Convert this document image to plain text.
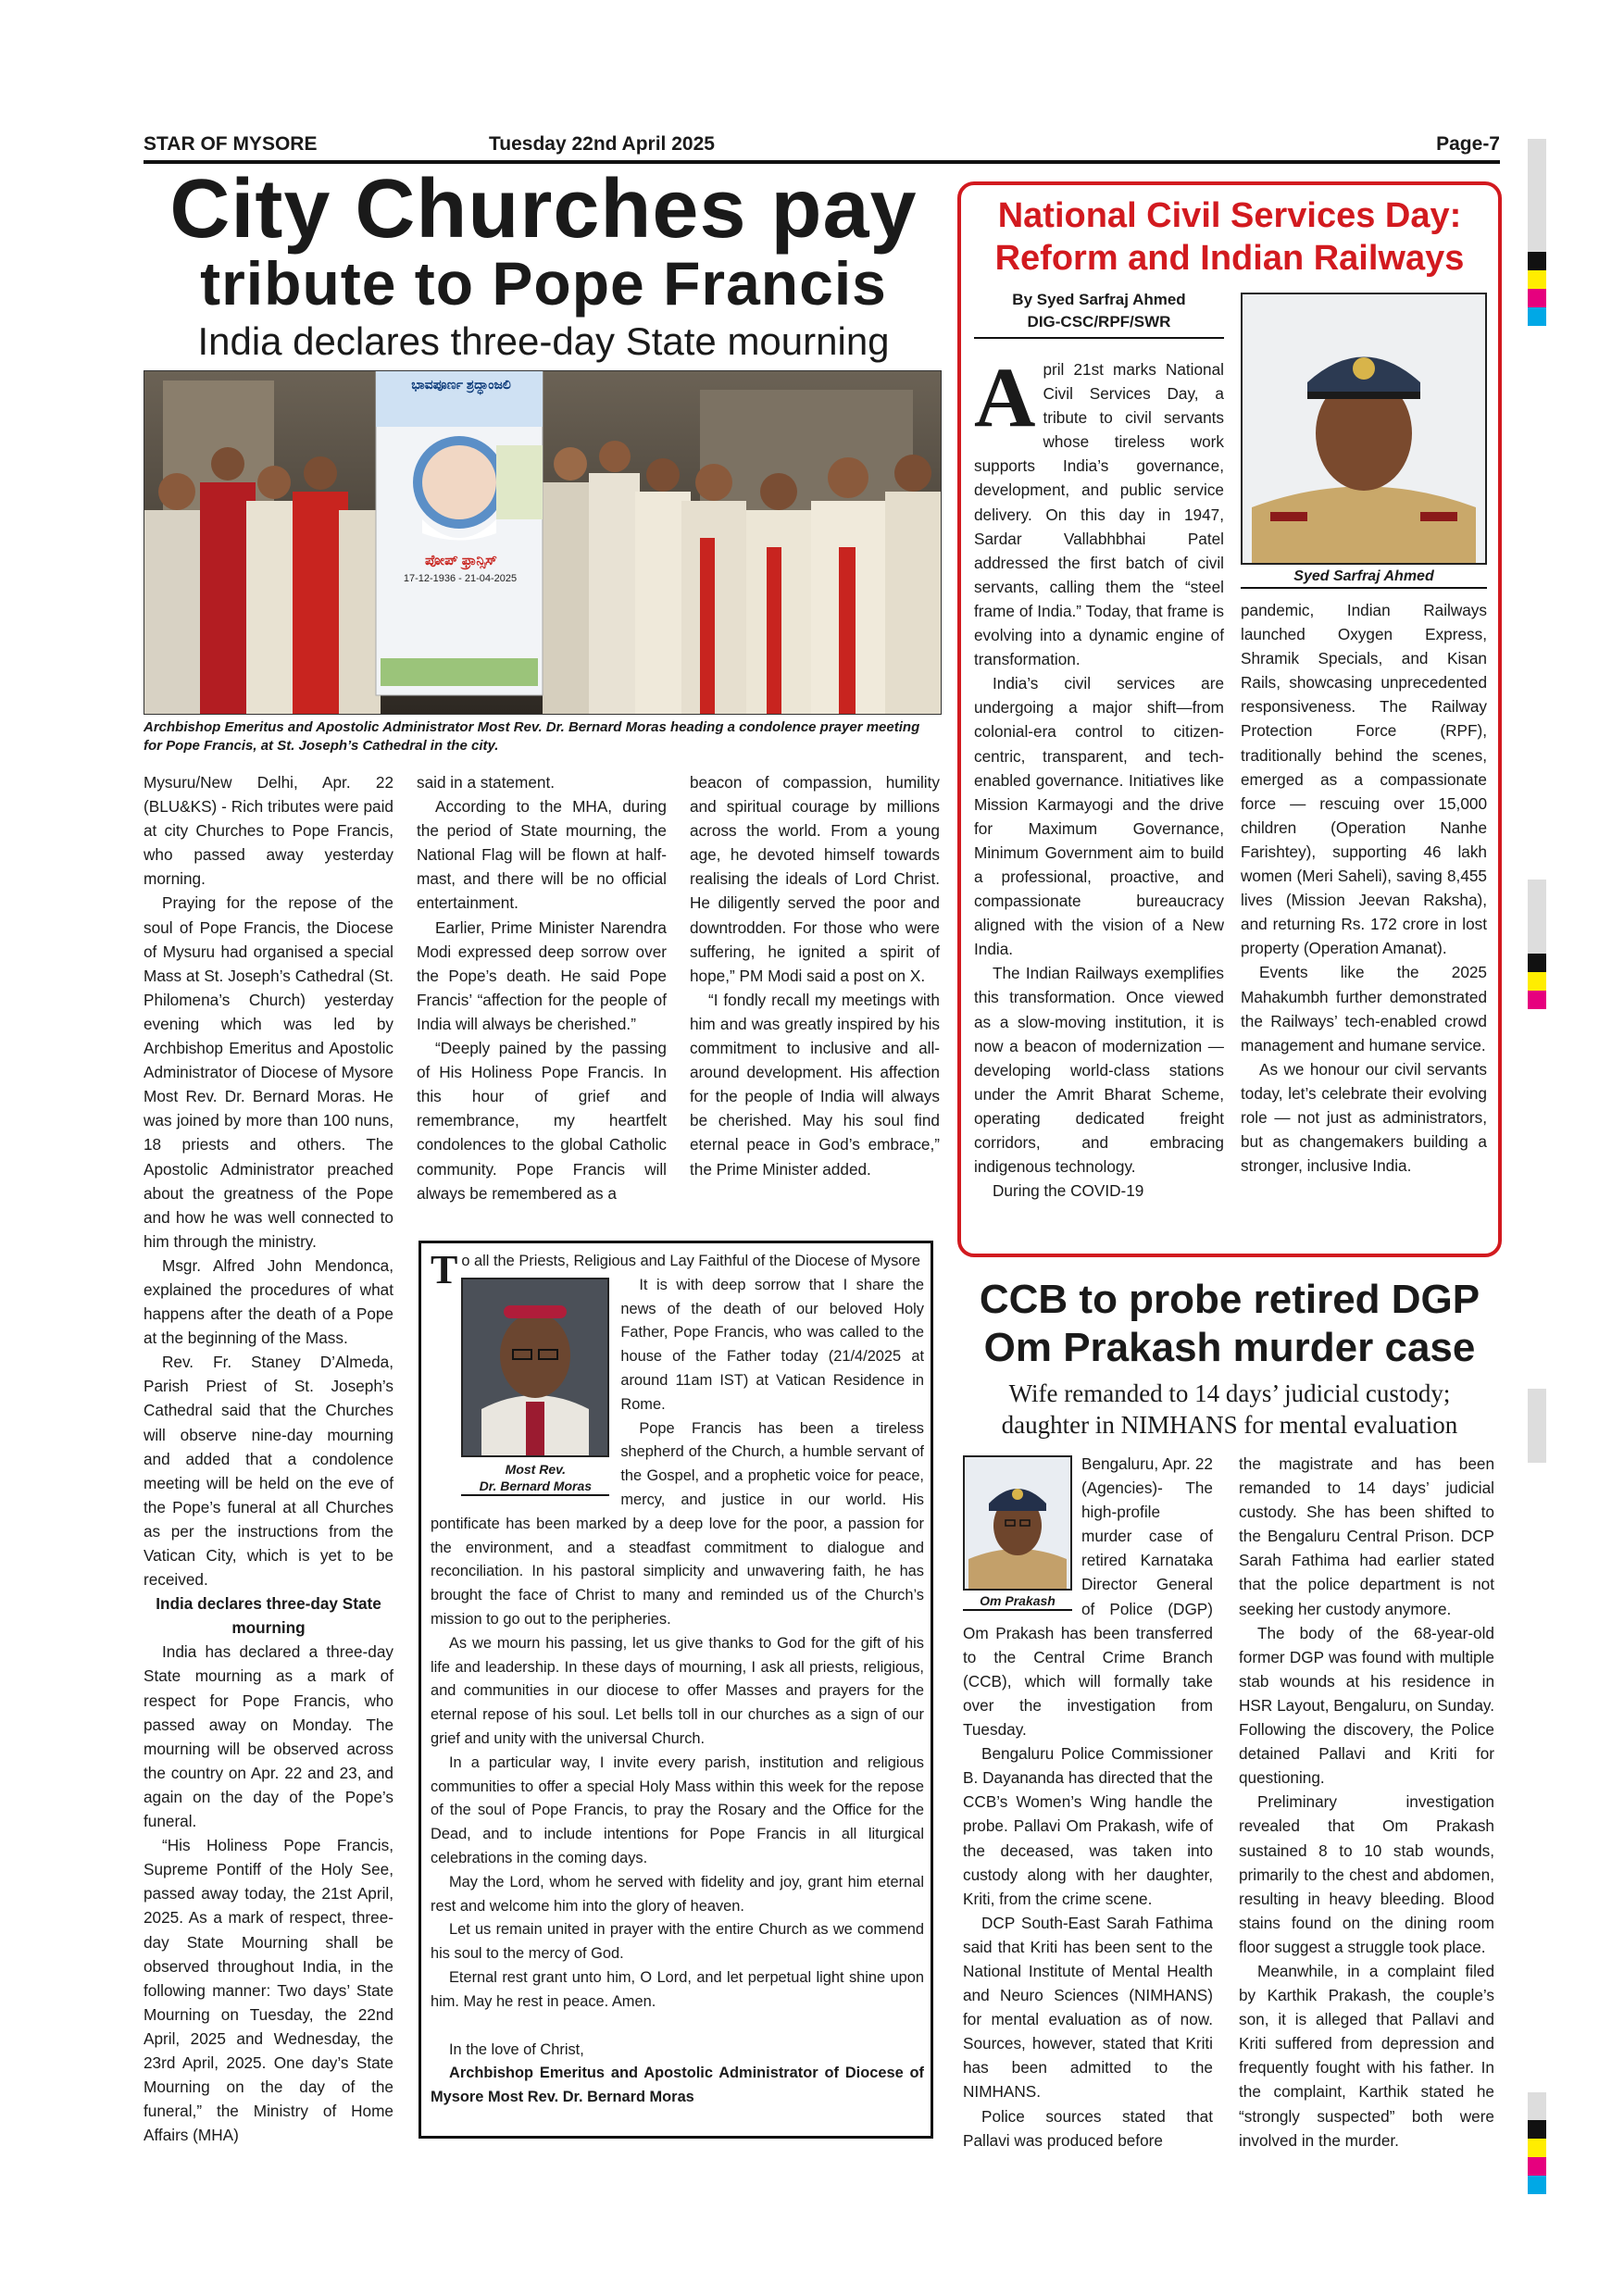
STAR OF MYSORE	Tuesday 22nd April 2025	Page-7
City Churches pay
tribute to Pope Francis
India declares three-day State mourning
ಭಾವಪೂರ್ಣ ಶ್ರದ್ಧಾಂಜಲಿ
ಪೋಪ್ ಫ್ರಾನ್ಸಿಸ್
17-12-1936 - 21-04-2025
Archbishop Emeritus and Apostolic Administrator Most Rev. Dr. Bernard Moras heading a condolence prayer meeting for Pope Francis, at St. Joseph’s Cathedral in the city.

Mysuru/New Delhi, Apr. 22 (BLU&KS) - Rich tributes were paid at city Churches to Pope Francis, who passed away yesterday morning.

Praying for the repose of the soul of Pope Francis, the Diocese of Mysuru had organised a special Mass at St. Joseph’s Cathedral (St. Philomena’s Church) yesterday evening which was led by Archbishop Emeritus and Apostolic Administrator of Diocese of Mysore Most Rev. Dr. Bernard Moras. He was joined by more than 100 nuns, 18 priests and others. The Apostolic Administrator preached about the greatness of the Pope and how he was well connected to him through the ministry.

Msgr. Alfred John Mendonca, explained the procedures of what happens after the death of a Pope at the beginning of the Mass.

Rev. Fr. Staney D’Almeda, Parish Priest of St. Joseph’s Cathedral said that the Churches will observe nine-day mourning and added that a condolence meeting will be held on the eve of the Pope’s funeral at all Churches as per the instructions from the Vatican City, which is yet to be received.

India declares three-day State mourning

India has declared a three-day State mourning as a mark of respect for Pope Francis, who passed away on Monday. The mourning will be observed across the country on Apr. 22 and 23, and again on the day of the Pope’s funeral.

“His Holiness Pope Francis, Supreme Pontiff of the Holy See, passed away today, the 21st April, 2025. As a mark of respect, three-day State Mourning shall be observed throughout India, in the following manner: Two days’ State Mourning on Tuesday, the 22nd April, 2025 and Wednesday, the 23rd April, 2025. One day’s State Mourning on the day of the funeral,” the Ministry of Home Affairs (MHA)

said in a statement.

According to the MHA, during the period of State mourning, the National Flag will be flown at half-mast, and there will be no official entertainment.

Earlier, Prime Minister Narendra Modi expressed deep sorrow over the Pope’s death. He said Pope Francis’ “affection for the people of India will always be cherished.”

“Deeply pained by the passing of His Holiness Pope Francis. In this hour of grief and remembrance, my heartfelt condolences to the global Catholic community. Pope Francis will always be remembered as a

beacon of compassion, humility and spiritual courage by millions across the world. From a young age, he devoted himself towards realising the ideals of Lord Christ. He diligently served the poor and downtrodden. For those who were suffering, he ignited a spirit of hope,” PM Modi said a post on X.

“I fondly recall my meetings with him and was greatly inspired by his commitment to inclusive and all-around development. His affection for the people of India will always be cherished. May his soul find eternal peace in God’s embrace,” the Prime Minister added.

To all the Priests, Religious and Lay Faithful of the Diocese of Mysore

Most Rev.
Dr. Bernard Moras

It is with deep sorrow that I share the news of the death of our beloved Holy Father, Pope Francis, who was called to the house of the Father today (21/4/2025 at around 11am IST) at Vatican Residence in Rome.

Pope Francis has been a tireless shepherd of the Church, a humble servant of the Gospel, and a prophetic voice for peace, mercy, and justice in our world. His pontificate has been marked by a deep love for the poor, a passion for the environment, and a steadfast commitment to dialogue and reconciliation. In his pastoral simplicity and unwavering faith, he has brought the face of Christ to many and reminded us of the Church’s mission to go out to the peripheries.

As we mourn his passing, let us give thanks to God for the gift of his life and leadership. In these days of mourning, I ask all priests, religious, and communities in our diocese to offer Masses and prayers for the eternal repose of his soul. Let bells toll in our churches as a sign of our grief and unity with the universal Church.

In a particular way, I invite every parish, institution and religious communities to offer a special Holy Mass within this week for the repose of the soul of Pope Francis, to pray the Rosary and the Office for the Dead, and to include intentions for Pope Francis in all liturgical celebrations in the coming days.

May the Lord, whom he served with fidelity and joy, grant him eternal rest and welcome him into the glory of heaven.

Let us remain united in prayer with the entire Church as we commend his soul to the mercy of God.

Eternal rest grant unto him, O Lord, and let perpetual light shine upon him. May he rest in peace. Amen.

In the love of Christ,

Archbishop Emeritus and Apostolic Administrator of Diocese of Mysore Most Rev. Dr. Bernard Moras

National Civil Services Day:
Reform and Indian Railways
By Syed Sarfraj Ahmed
DIG-CSC/RPF/SWR
Syed Sarfraj Ahmed

April 21st marks National Civil Services Day, a tribute to civil servants whose tireless work supports India’s governance, development, and public service delivery. On this day in 1947, Sardar Vallabhbhai Patel addressed the first batch of civil servants, calling them the “steel frame of India.” Today, that frame is evolving into a dynamic engine of transformation.

India’s civil services are undergoing a major shift—from colonial-era control to citizen-centric, transparent, and tech-enabled governance. Initiatives like Mission Karmayogi and the drive for Maximum Governance, Minimum Government aim to build a professional, proactive, and compassionate bureaucracy aligned with the vision of a New India.

The Indian Railways exemplifies this transformation. Once viewed as a slow-moving institution, it is now a beacon of modernization — developing world-class stations under the Amrit Bharat Scheme, operating dedicated freight corridors, and embracing indigenous technology.

During the COVID-19

pandemic, Indian Railways launched Oxygen Express, Shramik Specials, and Kisan Rails, showcasing unprecedented responsiveness. The Railway Protection Force (RPF), traditionally behind the scenes, emerged as a compassionate force — rescuing over 15,000 children (Operation Nanhe Farishtey), supporting 46 lakh women (Meri Saheli), saving 8,455 lives (Mission Jeevan Raksha), and returning Rs. 172 crore in lost property (Operation Amanat).

Events like the 2025 Mahakumbh further demonstrated the Railways’ tech-enabled crowd management and humane service.

As we honour our civil servants today, let’s celebrate their evolving role — not just as administrators, but as changemakers building a stronger, inclusive India.

CCB to probe retired DGP
Om Prakash murder case
Wife remanded to 14 days’ judicial custody;
daughter in NIMHANS for mental evaluation
Om Prakash

Bengaluru, Apr. 22 (Agencies)- The high-profile murder case of retired Karnataka Director General of Police (DGP) Om Prakash has been transferred to the Central Crime Branch (CCB), which will formally take over the investigation from Tuesday.

Bengaluru Police Commissioner B. Dayananda has directed that the CCB’s Women’s Wing handle the probe. Pallavi Om Prakash, wife of the deceased, was taken into custody along with her daughter, Kriti, from the crime scene.

DCP South-East Sarah Fathima said that Kriti has been sent to the National Institute of Mental Health and Neuro Sciences (NIMHANS) for mental evaluation as of now. Sources, however, stated that Kriti has been admitted to the NIMHANS.

Police sources stated that Pallavi was produced before

the magistrate and has been remanded to 14 days’ judicial custody. She has been shifted to the Bengaluru Central Prison. DCP Sarah Fathima had earlier stated that the police department is not seeking her custody anymore.

The body of the 68-year-old former DGP was found with multiple stab wounds at his residence in HSR Layout, Bengaluru, on Sunday. Following the discovery, the Police detained Pallavi and Kriti for questioning.

Preliminary investigation revealed that Om Prakash sustained 8 to 10 stab wounds, primarily to the chest and abdomen, resulting in heavy bleeding. Blood stains found on the dining room floor suggest a struggle took place.

Meanwhile, in a complaint filed by Karthik Prakash, the couple’s son, it is alleged that Pallavi and Kriti suffered from depression and frequently fought with his father. In the complaint, Karthik stated he “strongly suspected” both were involved in the murder.
